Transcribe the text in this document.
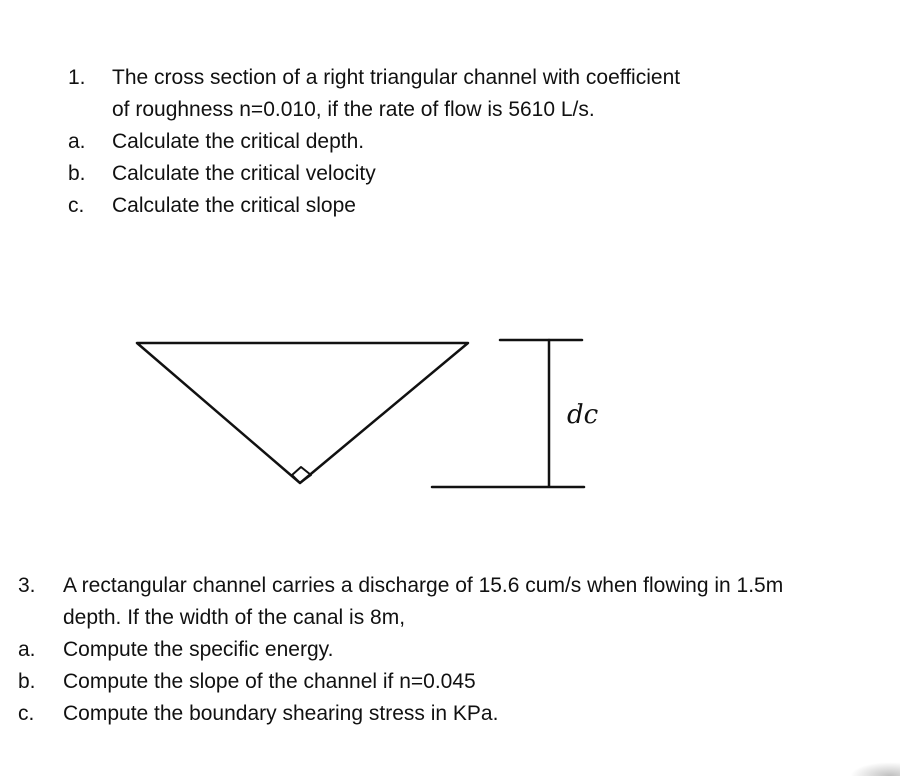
1. The cross section of a right triangular channel with coefficient
of roughness n=0.010, if the rate of flow is 5610 L/s.
a. Calculate the critical depth.
b. Calculate the critical velocity
c. Calculate the critical slope
dc
3. A rectangular channel carries a discharge of 15.6 cum/s when flowing in 1.5m
depth. If the width of the canal is 8m,
a. Compute the specific energy.
b. Compute the slope of the channel if n=0.045
c. Compute the boundary shearing stress in KPa.
